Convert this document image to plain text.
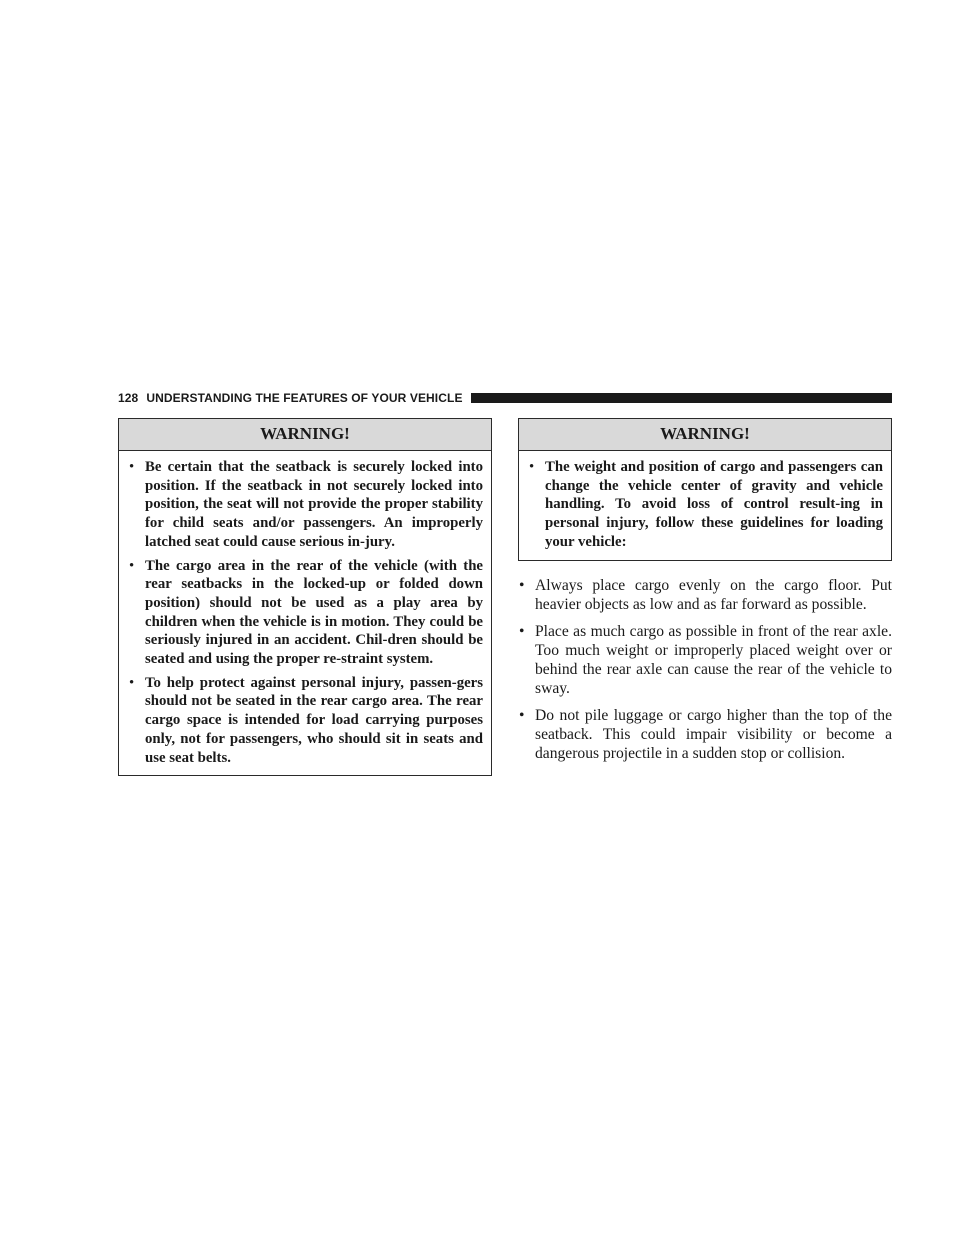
128 UNDERSTANDING THE FEATURES OF YOUR VEHICLE
WARNING!
• Be certain that the seatback is securely locked into position. If the seatback in not securely locked into position, the seat will not provide the proper stability for child seats and/or passengers. An improperly latched seat could cause serious in-jury.
• The cargo area in the rear of the vehicle (with the rear seatbacks in the locked-up or folded down position) should not be used as a play area by children when the vehicle is in motion. They could be seriously injured in an accident. Chil-dren should be seated and using the proper re-straint system.
• To help protect against personal injury, passen-gers should not be seated in the rear cargo area. The rear cargo space is intended for load carrying purposes only, not for passengers, who should sit in seats and use seat belts.
WARNING!
• The weight and position of cargo and passengers can change the vehicle center of gravity and vehicle handling. To avoid loss of control result-ing in personal injury, follow these guidelines for loading your vehicle:
• Always place cargo evenly on the cargo floor. Put heavier objects as low and as far forward as possible.
• Place as much cargo as possible in front of the rear axle. Too much weight or improperly placed weight over or behind the rear axle can cause the rear of the vehicle to sway.
• Do not pile luggage or cargo higher than the top of the seatback. This could impair visibility or become a dangerous projectile in a sudden stop or collision.
